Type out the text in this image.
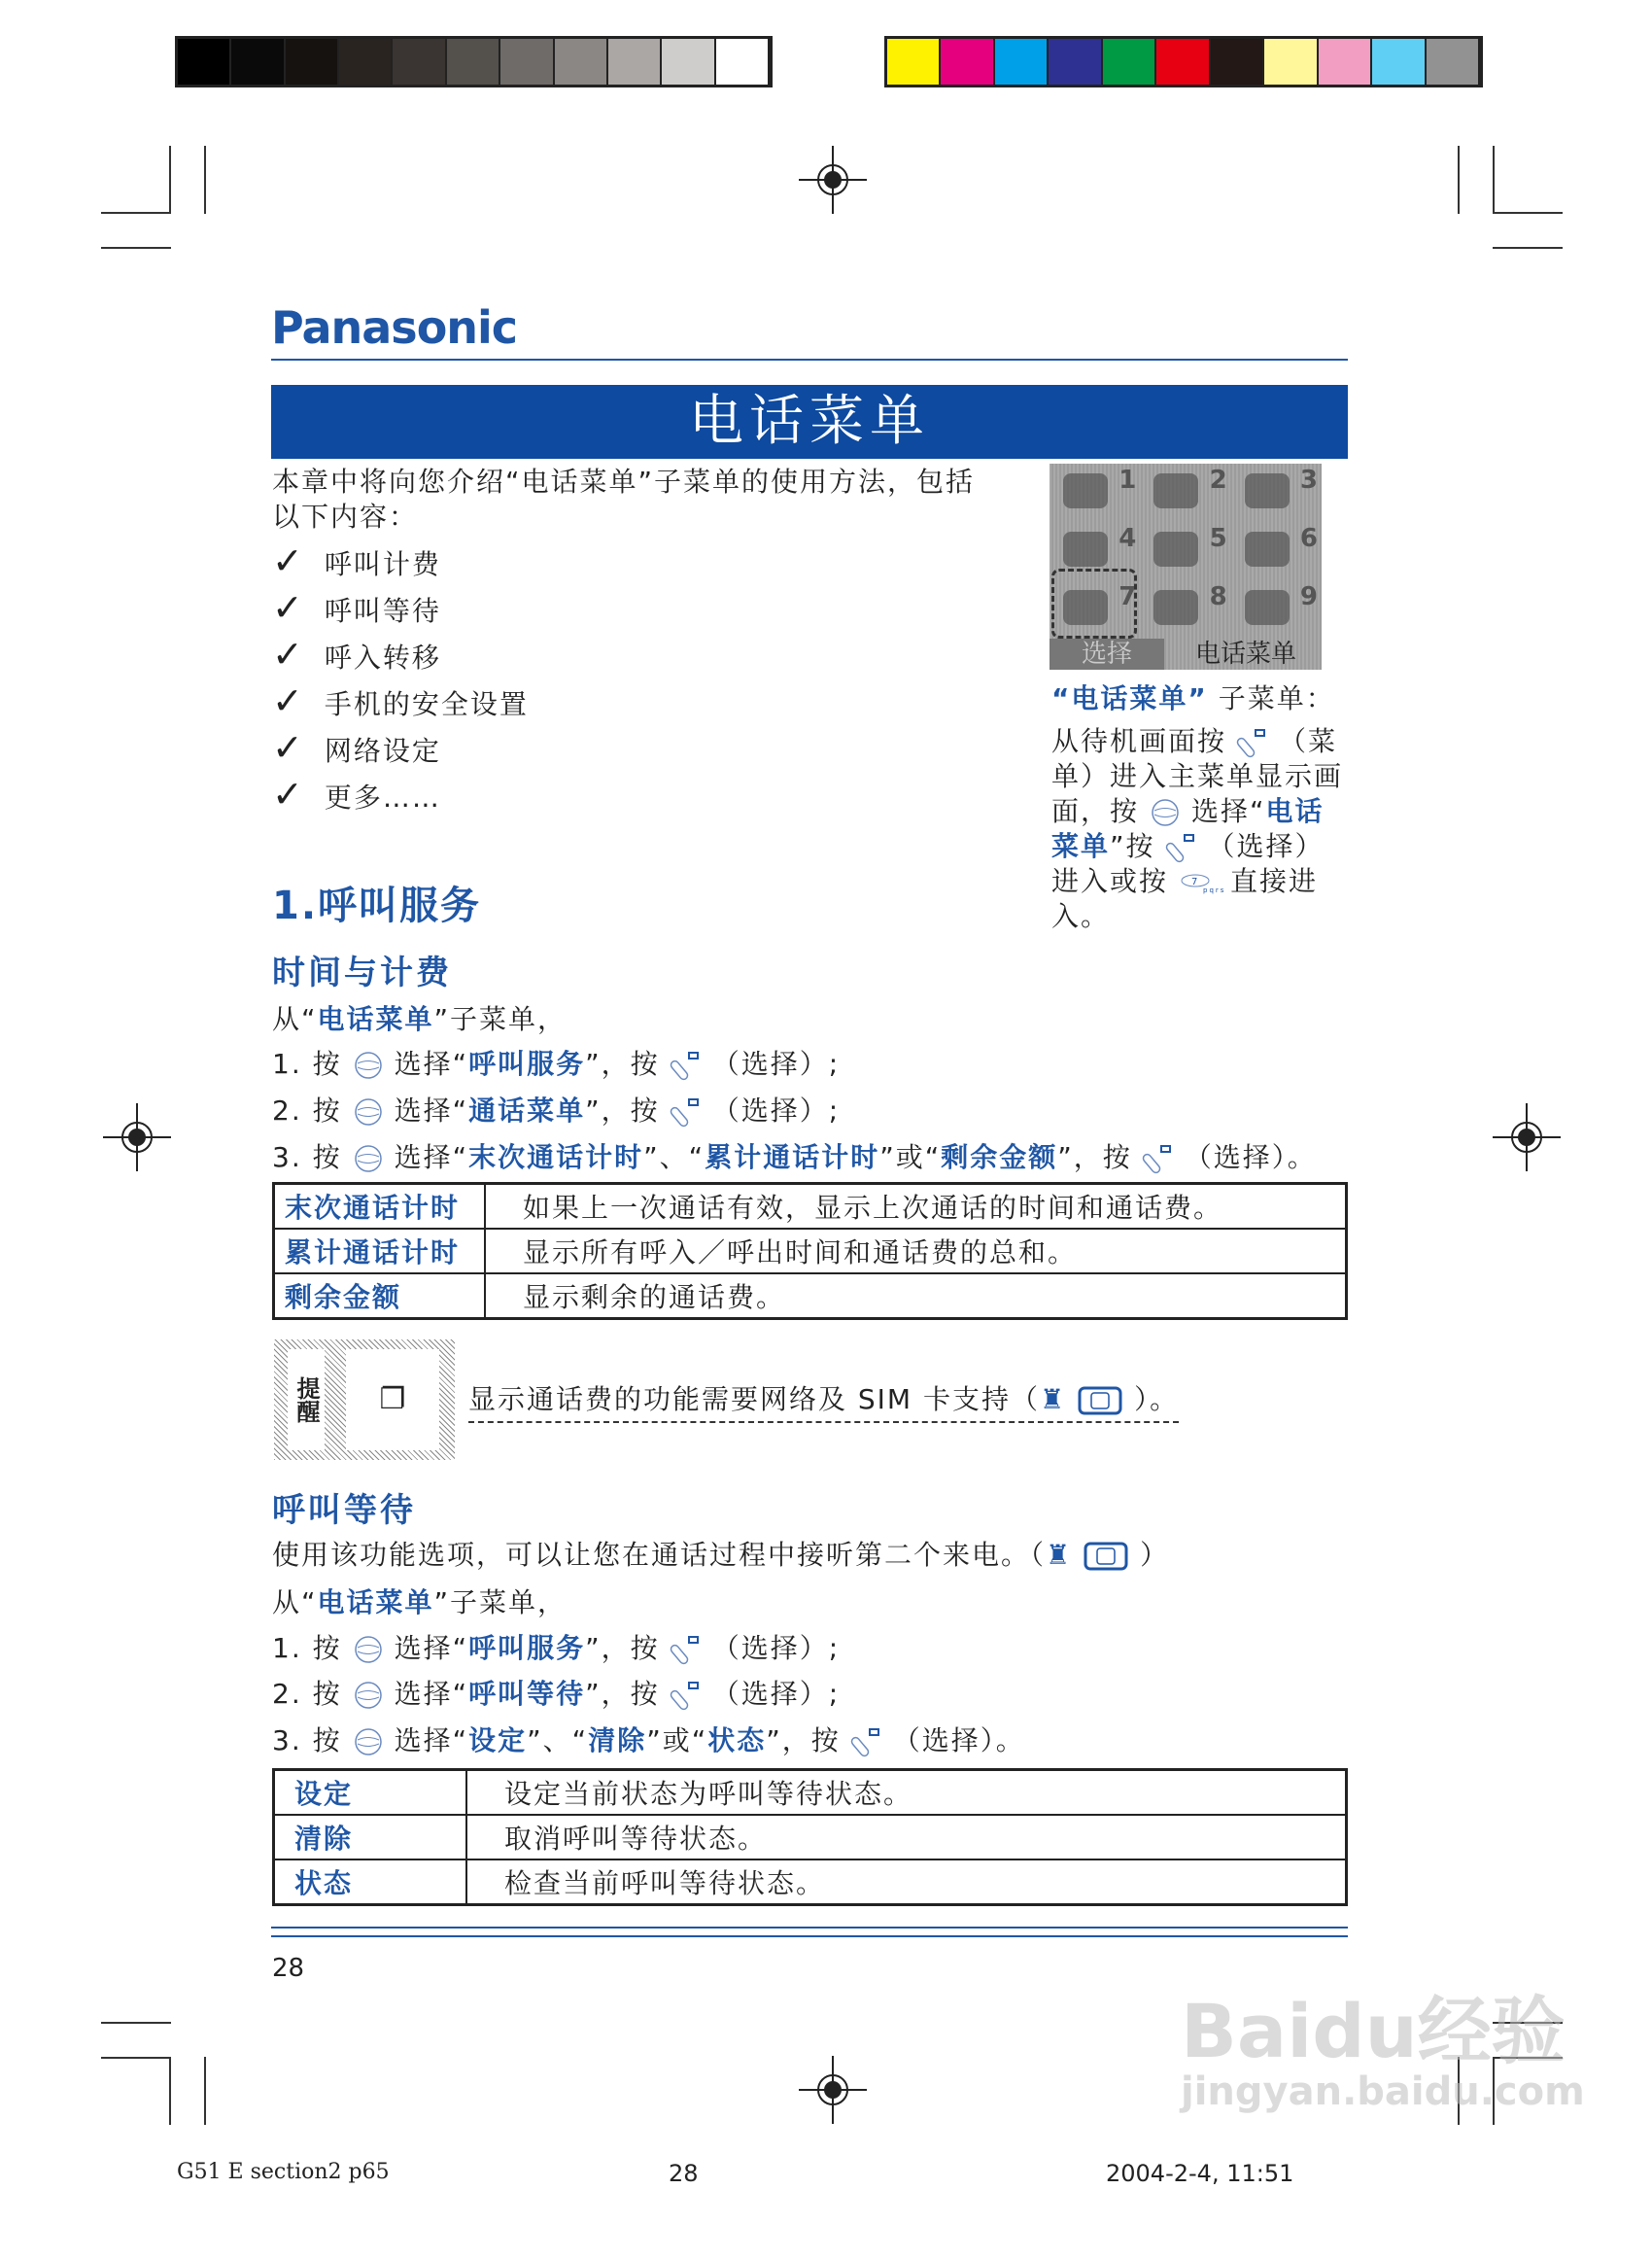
Panasonic
电话菜单
本章中将向您介绍“电话菜单”子菜单的使用方法，包括以下内容：
✓ 呼叫计费
✓ 呼叫等待
✓ 呼入转移
✓ 手机的安全设置
✓ 网络设定
✓ 更多……
1	2	3
4	5	6
7	8	9
选择	电话菜单
“电话菜单” 子菜单：
从待机画面按 （菜单）进入主菜单显示画面，按 选择“电话菜单”按 （选择）进入或按 7
pqrs 直接进入。
1.呼叫服务
时间与计费
从“电话菜单”子菜单，
1. 按 选择“呼叫服务”，按 （选择）;
2. 按 选择“通话菜单”，按 （选择）;
3. 按 选择“末次通话计时”、“累计通话计时”或“剩余金额”，按 （选择）。
末次通话计时	如果上一次通话有效，显示上次通话的时间和通话费。
累计通话计时	显示所有呼入／呼出时间和通话费的总和。
剩余金额	显示剩余的通话费。
提醒	❐	显示通话费的功能需要网络及 SIM 卡支持（♜	）。
呼叫等待
使用该功能选项，可以让您在通话过程中接听第二个来电。（♜	）
从“电话菜单”子菜单，
1. 按 选择“呼叫服务”，按 （选择）;
2. 按 选择“呼叫等待”，按 （选择）;
3. 按 选择“设定”、“清除”或“状态”，按 （选择）。
设定	设定当前状态为呼叫等待状态。
清除	取消呼叫等待状态。
状态	检查当前呼叫等待状态。
28
G51 E section2 p65	28	2004-2-4, 11:51
Baidu经验
jingyan.baidu.com
